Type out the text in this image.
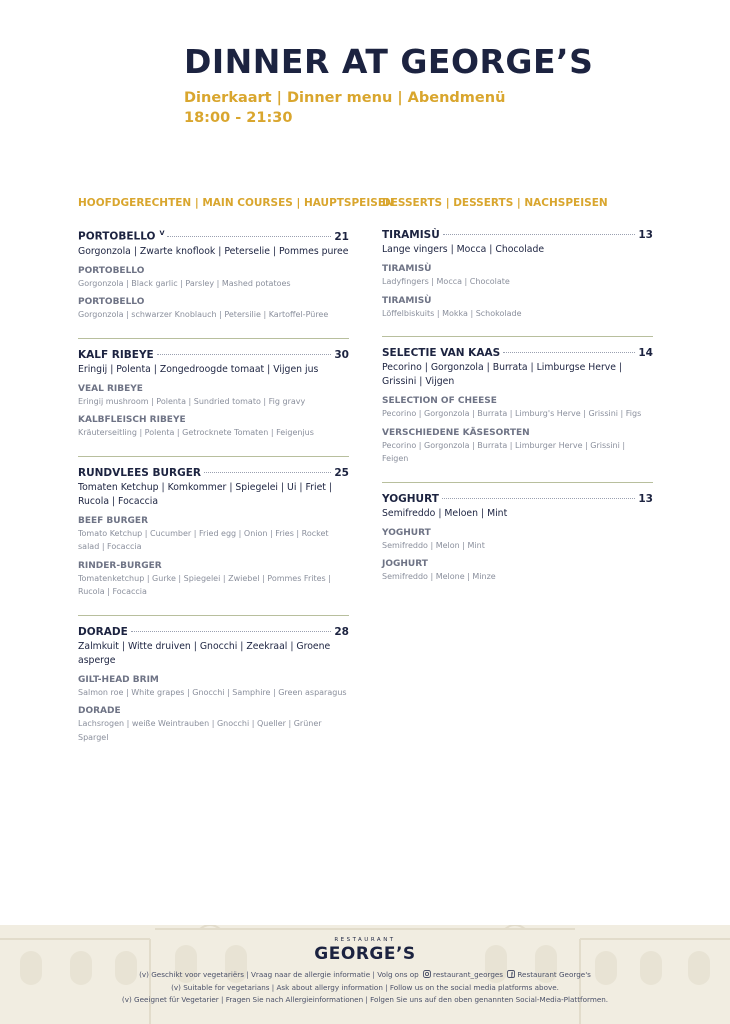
DINNER AT GEORGE’S
Dinerkaart | Dinner menu | Abendmenü
18:00 - 21:30
HOOFDGERECHTEN | MAIN COURSES | HAUPTSPEISEN
PORTOBELLO $^V$	21
Gorgonzola | Zwarte knoflook | Peterselie | Pommes puree
PORTOBELLO
Gorgonzola | Black garlic | Parsley | Mashed potatoes
PORTOBELLO
Gorgonzola | schwarzer Knoblauch | Petersilie | Kartoffel-Püree
KALF RIBEYE	30
Eringij | Polenta | Zongedroogde tomaat | Vijgen jus
VEAL RIBEYE
Eringij mushroom | Polenta | Sundried tomato | Fig gravy
KALBFLEISCH RIBEYE
Kräuterseitling | Polenta | Getrocknete Tomaten | Feigenjus
RUNDVLEES BURGER	25
Tomaten Ketchup | Komkommer | Spiegelei | Ui | Friet | Rucola | Focaccia
BEEF BURGER
Tomato Ketchup | Cucumber | Fried egg | Onion | Fries | Rocket salad | Focaccia
RINDER-BURGER
Tomatenketchup | Gurke | Spiegelei | Zwiebel | Pommes Frites | Rucola | Focaccia
DORADE	28
Zalmkuit | Witte druiven | Gnocchi | Zeekraal | Groene asperge
GILT-HEAD BRIM
Salmon roe | White grapes | Gnocchi | Samphire | Green asparagus
DORADE
Lachsrogen | weiße Weintrauben | Gnocchi | Queller | Grüner Spargel
DESSERTS | DESSERTS | NACHSPEISEN
TIRAMISÙ	13
Lange vingers | Mocca | Chocolade
TIRAMISÙ
Ladyfingers | Mocca | Chocolate
TIRAMISÙ
Löffelbiskuits | Mokka | Schokolade
SELECTIE VAN KAAS	14
Pecorino | Gorgonzola | Burrata | Limburgse Herve | Grissini | Vijgen
SELECTION OF CHEESE
Pecorino | Gorgonzola | Burrata | Limburg's Herve | Grissini | Figs
VERSCHIEDENE KÄSESORTEN
Pecorino | Gorgonzola | Burrata | Limburger Herve | Grissini | Feigen
YOGHURT	13
Semifreddo | Meloen | Mint
YOGHURT
Semifreddo | Melon | Mint
JOGHURT
Semifreddo | Melone | Minze
RESTAURANT
GEORGE’S
(v) Geschikt voor vegetariërs | Vraag naar de allergie informatie | Volg ons op restaurant_georges Restaurant George's
(v) Suitable for vegetarians | Ask about allergy information | Follow us on the social media platforms above.
(v) Geeignet für Vegetarier | Fragen Sie nach Allergieinformationen | Folgen Sie uns auf den oben genannten Social-Media-Plattformen.
